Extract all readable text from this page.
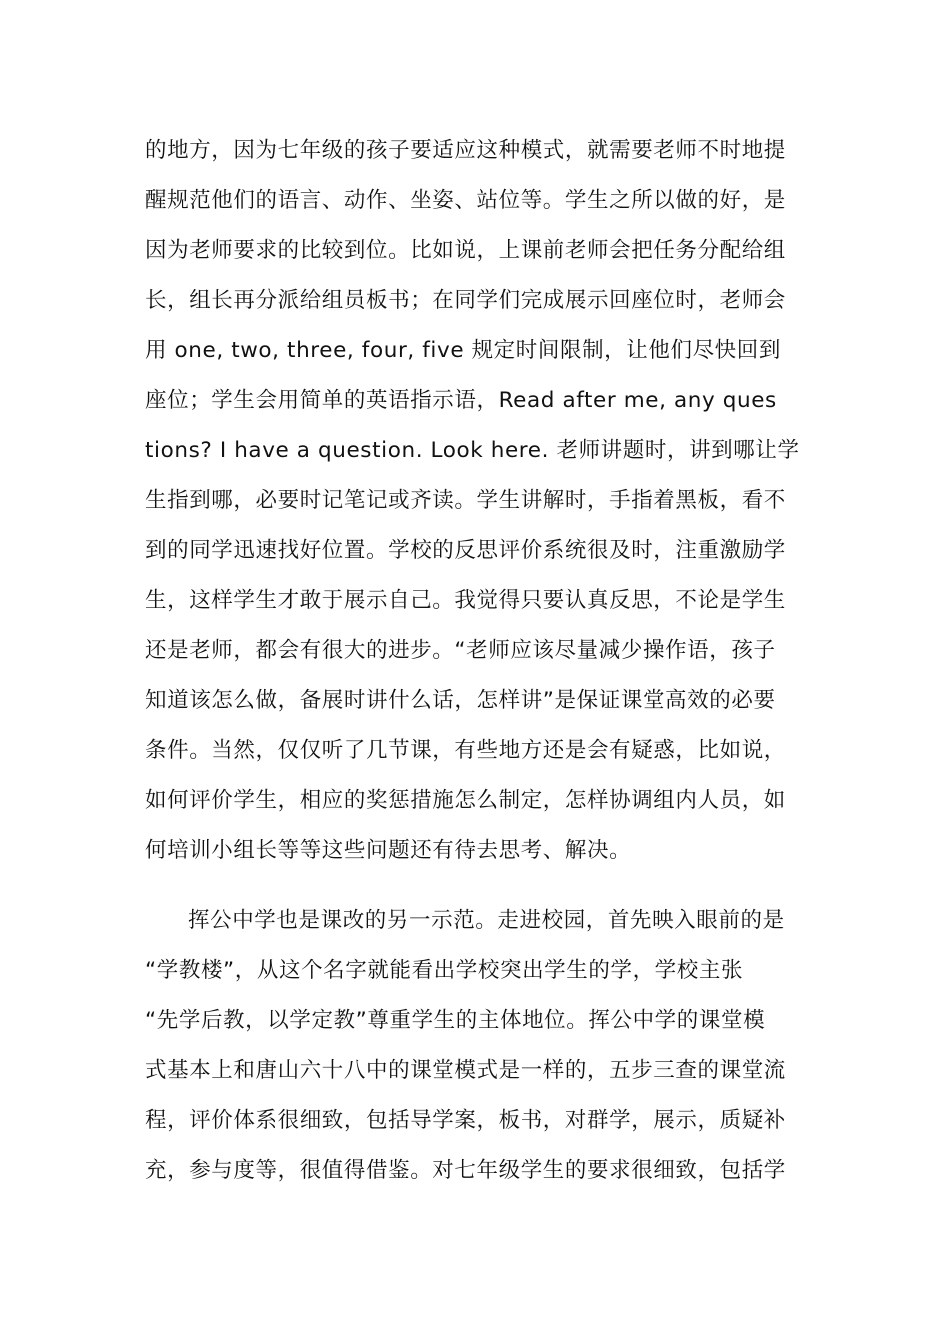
的地方，因为七年级的孩子要适应这种模式，就需要老师不时地提
醒规范他们的语言、动作、坐姿、站位等。学生之所以做的好，是
因为老师要求的比较到位。比如说，上课前老师会把任务分配给组
长，组长再分派给组员板书；在同学们完成展示回座位时，老师会
用 one, two, three, four, five 规定时间限制，让他们尽快回到
座位；学生会用简单的英语指示语，Read after me, any ques
tions? I have a question. Look here. 老师讲题时，讲到哪让学
生指到哪，必要时记笔记或齐读。学生讲解时，手指着黑板，看不
到的同学迅速找好位置。学校的反思评价系统很及时，注重激励学
生，这样学生才敢于展示自己。我觉得只要认真反思，不论是学生
还是老师，都会有很大的进步。“老师应该尽量减少操作语，孩子
知道该怎么做，备展时讲什么话，怎样讲”是保证课堂高效的必要
条件。当然，仅仅听了几节课，有些地方还是会有疑惑，比如说，
如何评价学生，相应的奖惩措施怎么制定，怎样协调组内人员，如
何培训小组长等等这些问题还有待去思考、解决。
挥公中学也是课改的另一示范。走进校园，首先映入眼前的是
“学教楼”，从这个名字就能看出学校突出学生的学，学校主张
“先学后教，以学定教”尊重学生的主体地位。挥公中学的课堂模
式基本上和唐山六十八中的课堂模式是一样的，五步三查的课堂流
程，评价体系很细致，包括导学案，板书，对群学，展示，质疑补
充，参与度等，很值得借鉴。对七年级学生的要求很细致，包括学
